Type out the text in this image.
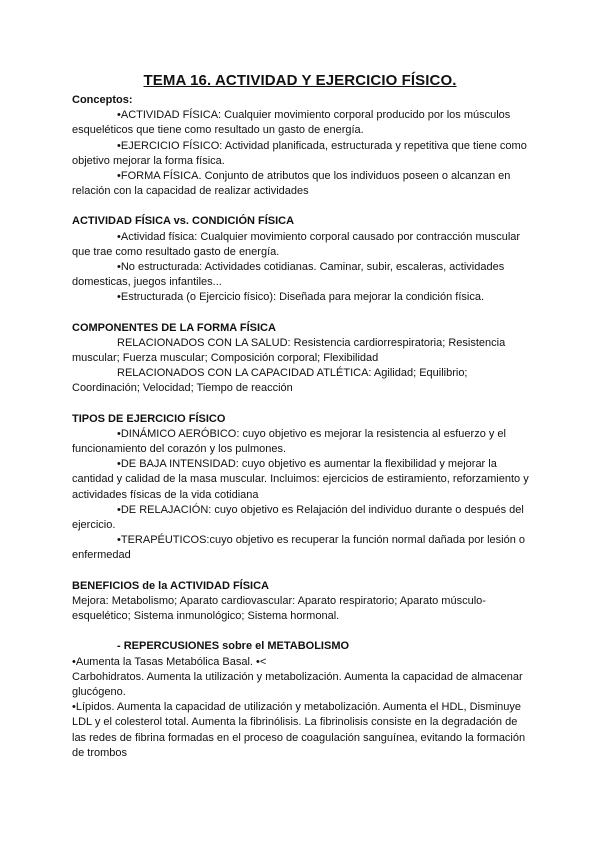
TEMA 16. ACTIVIDAD Y EJERCICIO FÍSICO.

Conceptos:

•ACTIVIDAD FÍSICA: Cualquier movimiento corporal producido por los músculos esqueléticos que tiene como resultado un gasto de energía.

•EJERCICIO FÍSICO: Actividad planificada, estructurada y repetitiva que tiene como objetivo mejorar la forma física.

•FORMA FÍSICA. Conjunto de atributos que los individuos poseen o alcanzan en relación con la capacidad de realizar actividades

ACTIVIDAD FÍSICA vs. CONDICIÓN FÍSICA

•Actividad física: Cualquier movimiento corporal causado por contracción muscular que trae como resultado gasto de energía.

•No estructurada: Actividades cotidianas. Caminar, subir, escaleras, actividades domesticas, juegos infantiles...

•Estructurada (o Ejercicio físico): Diseñada para mejorar la condición física.

COMPONENTES DE LA FORMA FÍSICA

RELACIONADOS CON LA SALUD: Resistencia cardiorrespiratoria; Resistencia muscular; Fuerza muscular; Composición corporal; Flexibilidad

RELACIONADOS CON LA CAPACIDAD ATLÉTICA: Agilidad; Equilibrio; Coordinación; Velocidad; Tiempo de reacción

TIPOS DE EJERCICIO FÍSICO

•DINÁMICO AERÓBICO: cuyo objetivo es mejorar la resistencia al esfuerzo y el funcionamiento del corazón y los pulmones.

•DE BAJA INTENSIDAD: cuyo objetivo es aumentar la flexibilidad y mejorar la cantidad y calidad de la masa muscular. Incluimos: ejercicios de estiramiento, reforzamiento y actividades físicas de la vida cotidiana

•DE RELAJACIÓN: cuyo objetivo es Relajación del individuo durante o después del ejercicio.

•TERAPÉUTICOS:cuyo objetivo es recuperar la función normal dañada por lesión o enfermedad

BENEFICIOS de la ACTIVIDAD FÍSICA

Mejora: Metabolismo; Aparato cardiovascular: Aparato respiratorio; Aparato músculo-esquelético; Sistema inmunológico; Sistema hormonal.

- REPERCUSIONES sobre el METABOLISMO

•Aumenta la Tasas Metabólica Basal. •<

Carbohidratos. Aumenta la utilización y metabolización. Aumenta la capacidad de almacenar glucógeno.

•Lípidos. Aumenta la capacidad de utilización y metabolización. Aumenta el HDL, Disminuye LDL y el colesterol total. Aumenta la fibrinólisis. La fibrinolisis consiste en la degradación de las redes de fibrina formadas en el proceso de coagulación sanguínea, evitando la formación de trombos
